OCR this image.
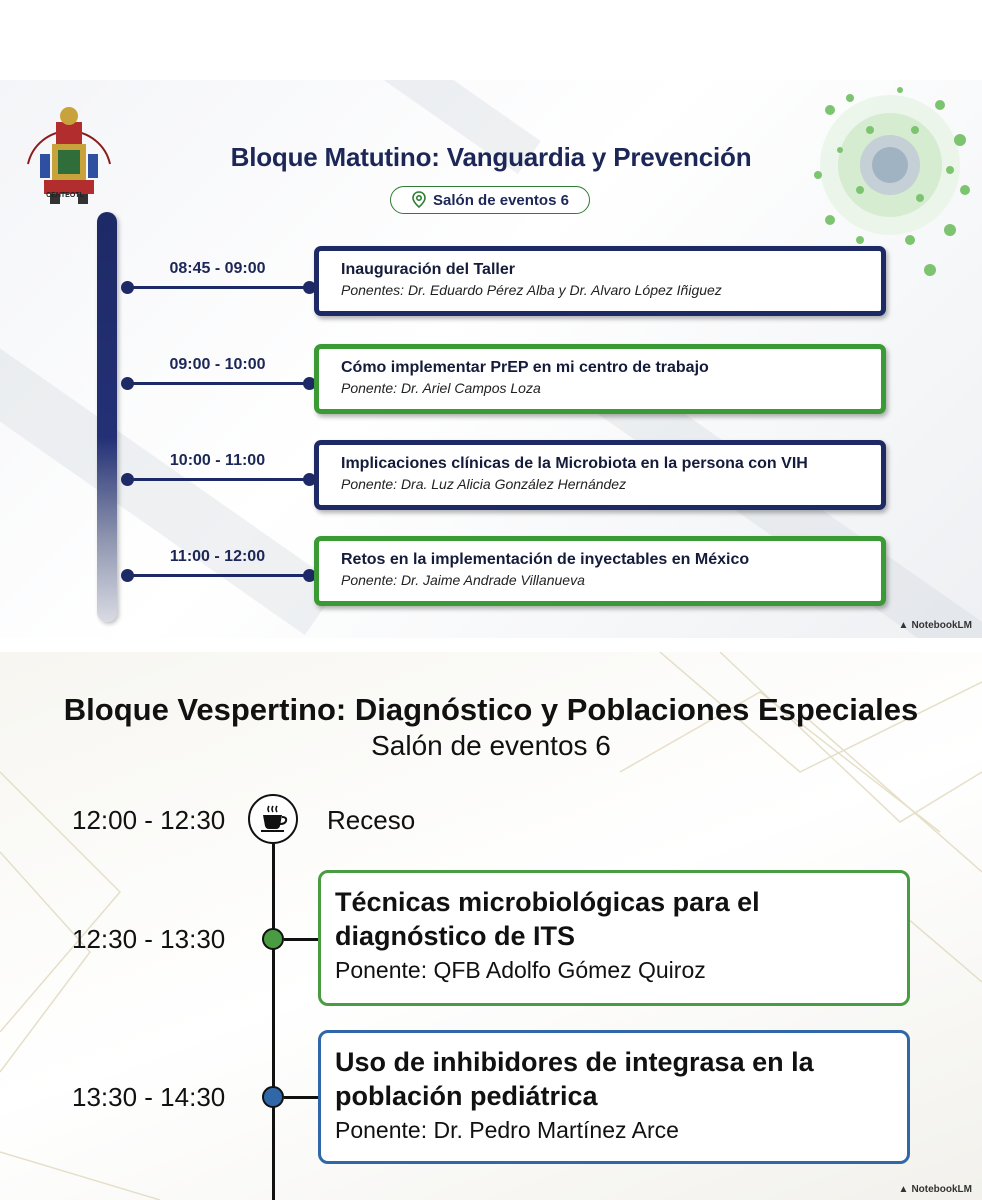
CENTEOTL
Bloque Matutino: Vanguardia y Prevención
Salón de eventos 6
08:45 - 09:00	Inauguración del Taller
Ponentes: Dr. Eduardo Pérez Alba y Dr. Alvaro López Iñiguez
09:00 - 10:00	Cómo implementar PrEP en mi centro de trabajo
Ponente: Dr. Ariel Campos Loza
10:00 - 11:00	Implicaciones clínicas de la Microbiota en la persona con VIH
Ponente: Dra. Luz Alicia González Hernández
11:00 - 12:00	Retos en la implementación de inyectables en México
Ponente: Dr. Jaime Andrade Villanueva
▲ NotebookLM
Bloque Vespertino: Diagnóstico y Poblaciones Especiales
Salón de eventos 6
12:00 - 12:30	Receso
12:30 - 13:30
Técnicas microbiológicas para el
diagnóstico de ITS
Ponente: QFB Adolfo Gómez Quiroz
13:30 - 14:30
Uso de inhibidores de integrasa en la
población pediátrica
Ponente: Dr. Pedro Martínez Arce
▲ NotebookLM
